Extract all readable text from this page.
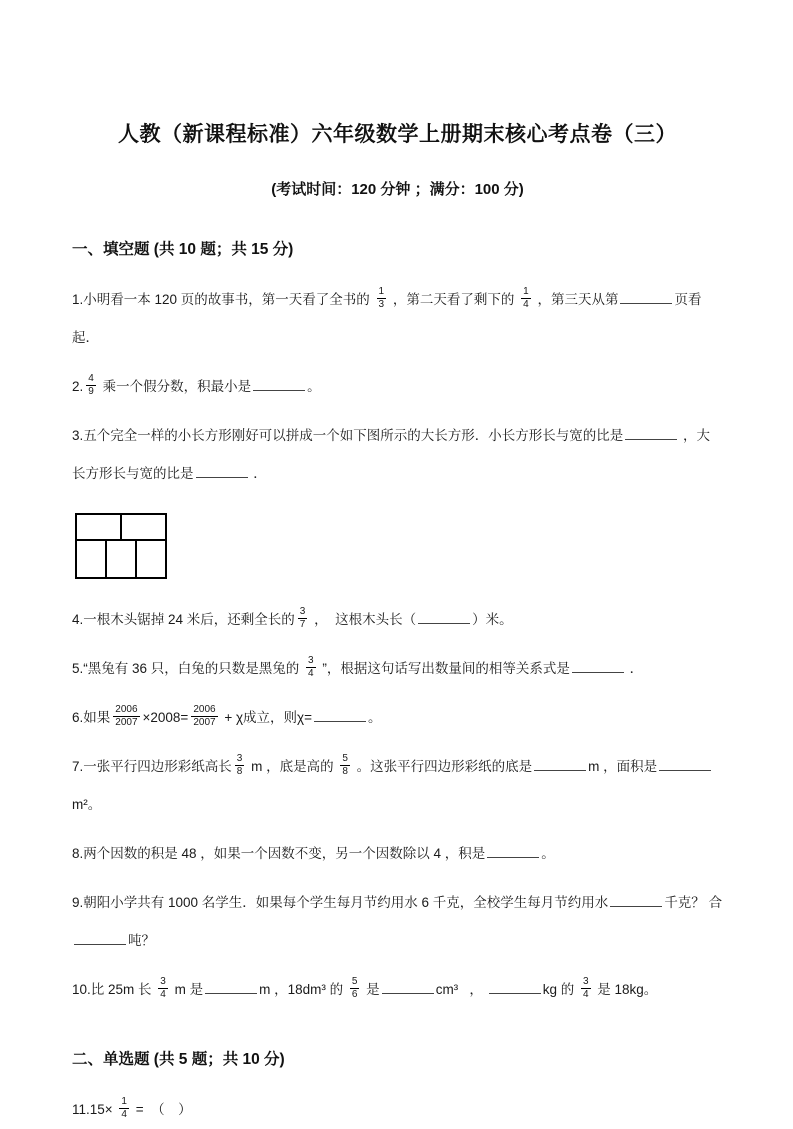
人教（新课程标准）六年级数学上册期末核心考点卷（三）
(考试时间：120 分钟 ；满分：100 分)
一、填空题 (共 10 题；共 15 分)
1.小明看一本 120 页的故事书，第一天看了全书的 $\frac{1}{3}$ ，第二天看了剩下的 $\frac{1}{4}$ ，第三天从第	页看起．
2. $\frac{4}{9}$ 乘一个假分数，积最小是	。
3.五个完全一样的小长方形刚好可以拼成一个如下图所示的大长方形．小长方形长与宽的比是	，大长方形长与宽的比是	．
4.一根木头锯掉 24 米后，还剩全长的 $\frac{3}{7}$ ，  这根木头长（	）米。
5.“黑兔有 36 只，白兔的只数是黑兔的 $\frac{3}{4}$ ”，根据这句话写出数量间的相等关系式是	．
6.如果 $\frac{2006}{2007} \times 2008= \frac{2006}{2007} + \chi$成立，则χ=	。
7.一张平行四边形彩纸高长 $\frac{3}{8}$ m ，底是高的 $\frac{5}{8}$ 。这张平行四边形彩纸的底是	m ，面积是m²。
8.两个因数的积是 48 ，如果一个因数不变，另一个因数除以 4 ，积是	。
9.朝阳小学共有 1000 名学生．如果每个学生每月节约用水 6 千克，全校学生每月节约用水	千克？ 合吨？
10.比 25m 长 $\frac{3}{4}$ m 是	m ，18dm³ 的 $\frac{5}{6}$ 是	cm³   ，	kg 的 $\frac{3}{4}$ 是 18kg。
二、单选题 (共 5 题；共 10 分)
$11.15\times \frac{1}{4}$ =  （　）
